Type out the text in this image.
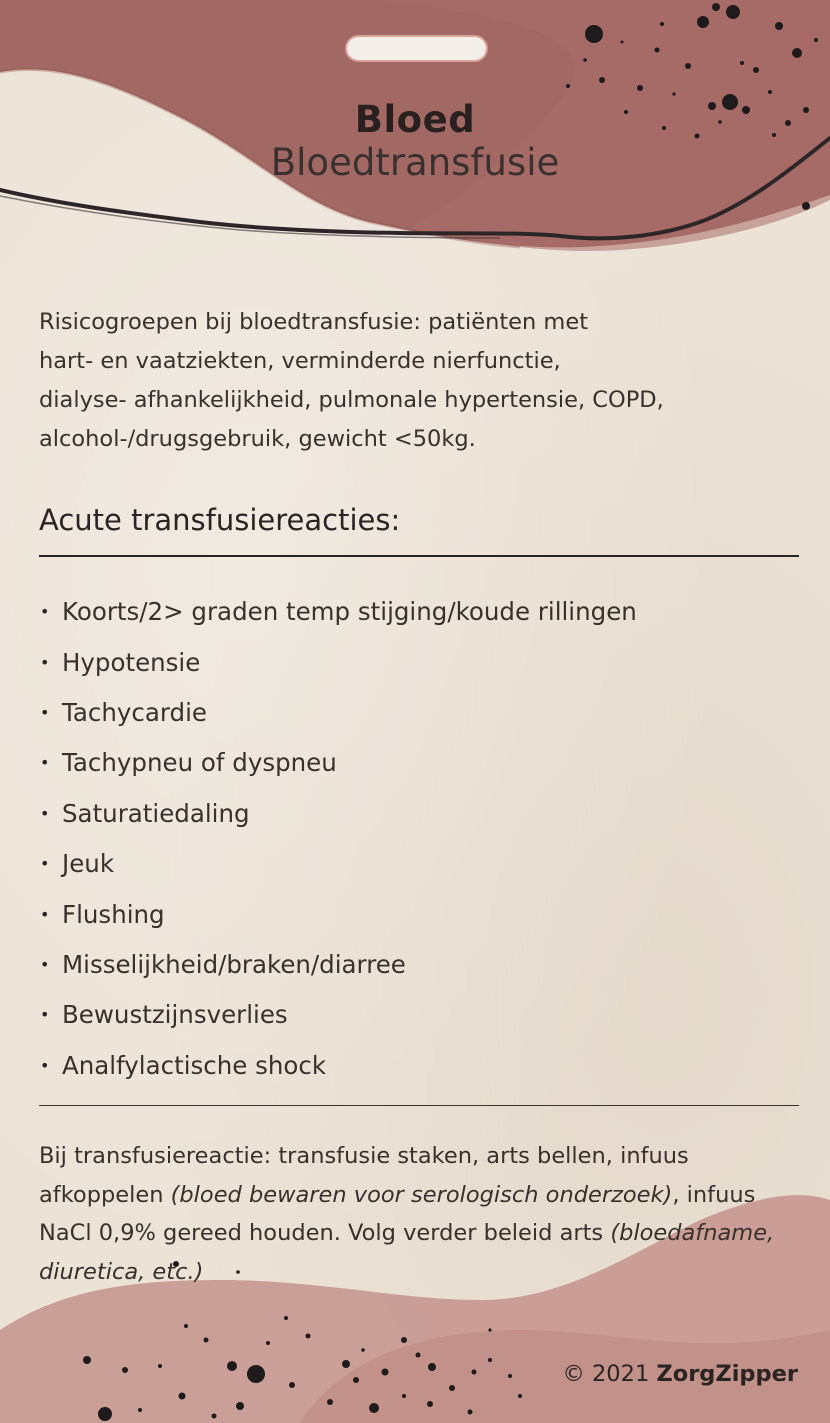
Bloed
Bloedtransfusie
Risicogroepen bij bloedtransfusie: patiënten met
hart- en vaatziekten, verminderde nierfunctie,
dialyse- afhankelijkheid, pulmonale hypertensie, COPD,
alcohol-/drugsgebruik, gewicht <50kg.
Acute transfusiereacties:
• Koorts/2> graden temp stijging/koude rillingen
• Hypotensie
• Tachycardie
• Tachypneu of dyspneu
• Saturatiedaling
• Jeuk
• Flushing
• Misselijkheid/braken/diarree
• Bewustzijnsverlies
• Analfylactische shock
Bij transfusiereactie: transfusie staken, arts bellen, infuus afkoppelen (bloed bewaren voor serologisch onderzoek), infuus NaCl 0,9% gereed houden. Volg verder beleid arts (bloedafname, diuretica, etc.)
© 2021 ZorgZipper
